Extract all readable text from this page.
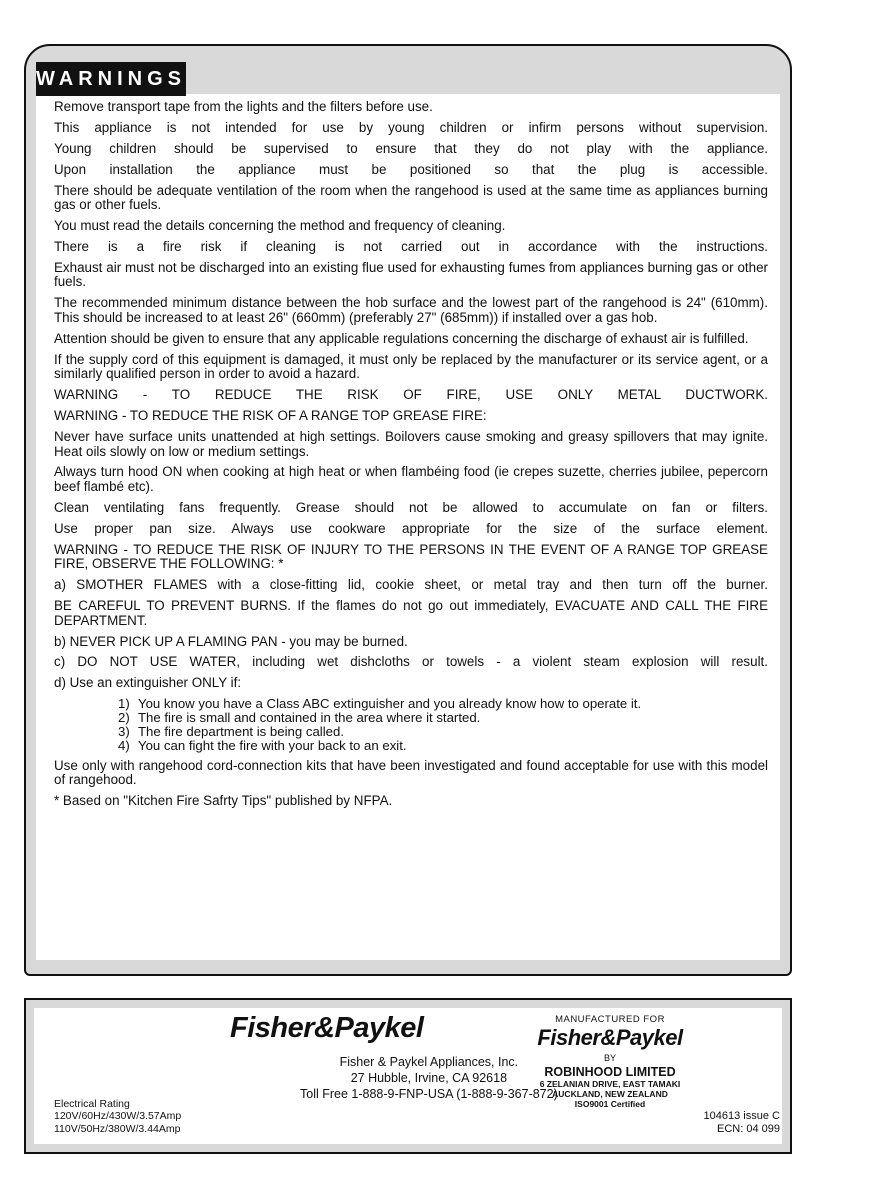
WARNINGS

Remove transport tape from the lights and the filters before use.

This appliance is not intended for use by young children or infirm persons without supervision.

Young children should be supervised to ensure that they do not play with the appliance.

Upon installation the appliance must be positioned so that the plug is accessible.

There should be adequate ventilation of the room when the rangehood is used at the same time as appliances burning gas or other fuels.

You must read the details concerning the method and frequency of cleaning.

There is a fire risk if cleaning is not carried out in accordance with the instructions.

Exhaust air must not be discharged into an existing flue used for exhausting fumes from appliances burning gas or other fuels.

The recommended minimum distance between the hob surface and the lowest part of the rangehood is 24" (610mm). This should be increased to at least 26" (660mm) (preferably 27" (685mm)) if installed over a gas hob.

Attention should be given to ensure that any applicable regulations concerning the discharge of exhaust air is fulfilled.

If the supply cord of this equipment is damaged, it must only be replaced by the manufacturer or its service agent, or a similarly qualified person in order to avoid a hazard.

WARNING - TO REDUCE THE RISK OF FIRE, USE ONLY METAL DUCTWORK.

WARNING - TO REDUCE THE RISK OF A RANGE TOP GREASE FIRE:

Never have surface units unattended at high settings. Boilovers cause smoking and greasy spillovers that may ignite. Heat oils slowly on low or medium settings.

Always turn hood ON when cooking at high heat or when flambéing food (ie crepes suzette, cherries jubilee, pepercorn beef flambé etc).

Clean ventilating fans frequently. Grease should not be allowed to accumulate on fan or filters.

Use proper pan size. Always use cookware appropriate for the size of the surface element.

WARNING - TO REDUCE THE RISK OF INJURY TO THE PERSONS IN THE EVENT OF A RANGE TOP GREASE FIRE, OBSERVE THE FOLLOWING: *

a) SMOTHER FLAMES with a close-fitting lid, cookie sheet, or metal tray and then turn off the burner.

BE CAREFUL TO PREVENT BURNS. If the flames do not go out immediately, EVACUATE AND CALL THE FIRE DEPARTMENT.

b) NEVER PICK UP A FLAMING PAN - you may be burned.

c) DO NOT USE WATER, including wet dishcloths or towels - a violent steam explosion will result.

d) Use an extinguisher ONLY if:

1) You know you have a Class ABC extinguisher and you already know how to operate it.
2) The fire is small and contained in the area where it started.
3) The fire department is being called.
4) You can fight the fire with your back to an exit.

Use only with rangehood cord-connection kits that have been investigated and found acceptable for use with this model of rangehood.

* Based on "Kitchen Fire Safrty Tips" published by NFPA.

Fisher&Paykel
Fisher & Paykel Appliances, Inc.
27 Hubble, Irvine, CA 92618
Toll Free 1-888-9-FNP-USA (1-888-9-367-872)
Electrical Rating
120V/60Hz/430W/3.57Amp
110V/50Hz/380W/3.44Amp
MANUFACTURED FOR
Fisher&Paykel
BY
ROBINHOOD LIMITED
6 ZELANIAN DRIVE, EAST TAMAKI
AUCKLAND, NEW ZEALAND
ISO9001 Certified
104613 issue C
ECN: 04 099
